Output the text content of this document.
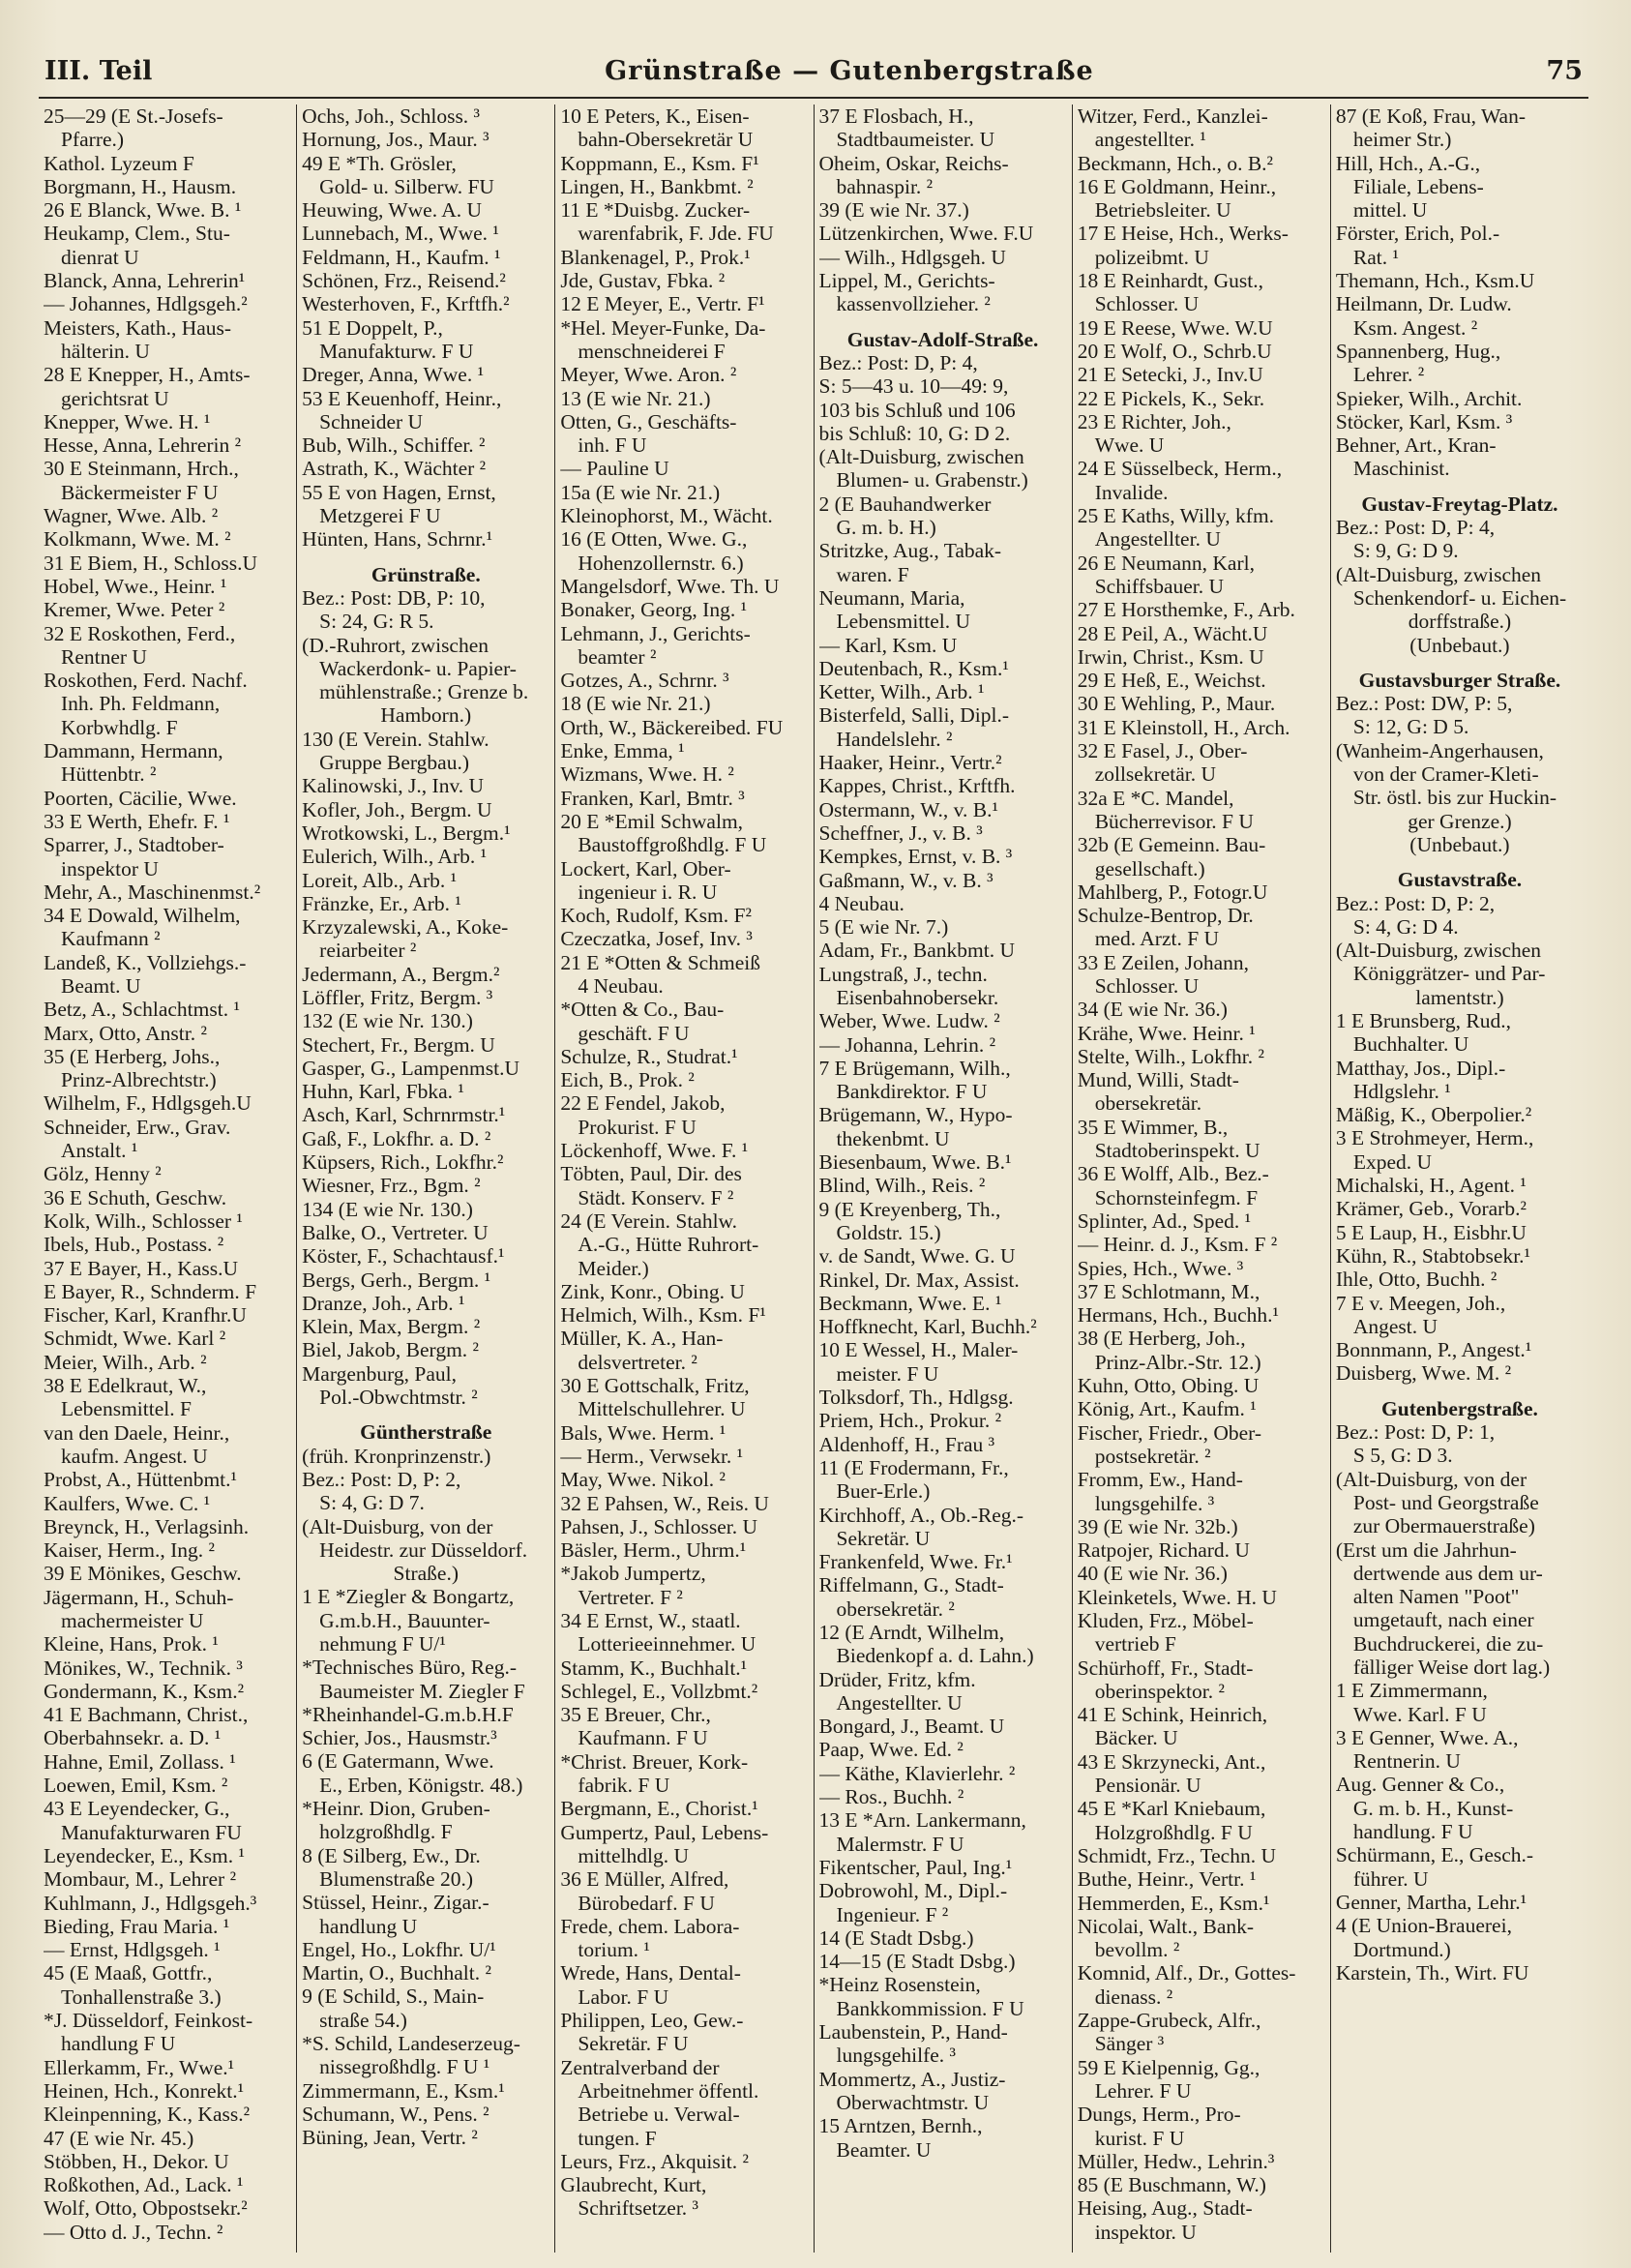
III. Teil	Grünstraße — Gutenbergstraße	75
25—29 (E St.-Josefs-
Pfarre.)
Kathol. Lyzeum F
Borgmann, H., Hausm.
26 E Blanck, Wwe. B. ¹
Heukamp, Clem., Stu-
dienrat U
Blanck, Anna, Lehrerin¹
— Johannes, Hdlgsgeh.²
Meisters, Kath., Haus-
hälterin. U
28 E Knepper, H., Amts-
gerichtsrat U
Knepper, Wwe. H. ¹
Hesse, Anna, Lehrerin ²
30 E Steinmann, Hrch.,
Bäckermeister F U
Wagner, Wwe. Alb. ²
Kolkmann, Wwe. M. ²
31 E Biem, H., Schloss.U
Hobel, Wwe., Heinr. ¹
Kremer, Wwe. Peter ²
32 E Roskothen, Ferd.,
Rentner U
Roskothen, Ferd. Nachf.
Inh. Ph. Feldmann,
Korbwhdlg. F
Dammann, Hermann,
Hüttenbtr. ²
Poorten, Cäcilie, Wwe.
33 E Werth, Ehefr. F. ¹
Sparrer, J., Stadtober-
inspektor U
Mehr, A., Maschinenmst.²
34 E Dowald, Wilhelm,
Kaufmann ²
Landeß, K., Vollziehgs.-
Beamt. U
Betz, A., Schlachtmst. ¹
Marx, Otto, Anstr. ²
35 (E Herberg, Johs.,
Prinz-Albrechtstr.)
Wilhelm, F., Hdlgsgeh.U
Schneider, Erw., Grav.
Anstalt. ¹
Gölz, Henny ²
36 E Schuth, Geschw.
Kolk, Wilh., Schlosser ¹
Ibels, Hub., Postass. ²
37 E Bayer, H., Kass.U
E Bayer, R., Schnderm. F
Fischer, Karl, Kranfhr.U
Schmidt, Wwe. Karl ²
Meier, Wilh., Arb. ²
38 E Edelkraut, W.,
Lebensmittel. F
van den Daele, Heinr.,
kaufm. Angest. U
Probst, A., Hüttenbmt.¹
Kaulfers, Wwe. C. ¹
Breynck, H., Verlagsinh.
Kaiser, Herm., Ing. ²
39 E Mönikes, Geschw.
Jägermann, H., Schuh-
machermeister U
Kleine, Hans, Prok. ¹
Mönikes, W., Technik. ³
Gondermann, K., Ksm.²
41 E Bachmann, Christ.,
Oberbahnsekr. a. D. ¹
Hahne, Emil, Zollass. ¹
Loewen, Emil, Ksm. ²
43 E Leyendecker, G.,
Manufakturwaren FU
Leyendecker, E., Ksm. ¹
Mombaur, M., Lehrer ²
Kuhlmann, J., Hdlgsgeh.³
Bieding, Frau Maria. ¹
— Ernst, Hdlgsgeh. ¹
45 (E Maaß, Gottfr.,
Tonhallenstraße 3.)
*J. Düsseldorf, Feinkost-
handlung F U
Ellerkamm, Fr., Wwe.¹
Heinen, Hch., Konrekt.¹
Kleinpenning, K., Kass.²
47 (E wie Nr. 45.)
Stöbben, H., Dekor. U
Roßkothen, Ad., Lack. ¹
Wolf, Otto, Obpostsekr.²
— Otto d. J., Techn. ²
Ochs, Joh., Schloss. ³
Hornung, Jos., Maur. ³
49 E *Th. Grösler,
Gold- u. Silberw. FU
Heuwing, Wwe. A. U
Lunnebach, M., Wwe. ¹
Feldmann, H., Kaufm. ¹
Schönen, Frz., Reisend.²
Westerhoven, F., Krftfh.²
51 E Doppelt, P.,
Manufakturw. F U
Dreger, Anna, Wwe. ¹
53 E Keuenhoff, Heinr.,
Schneider U
Bub, Wilh., Schiffer. ²
Astrath, K., Wächter ²
55 E von Hagen, Ernst,
Metzgerei F U
Hünten, Hans, Schrnr.¹
Grünstraße.
Bez.: Post: DB, P: 10,
S: 24, G: R 5.
(D.-Ruhrort, zwischen
Wackerdonk- u. Papier-
mühlenstraße.; Grenze b.
Hamborn.)
130 (E Verein. Stahlw.
Gruppe Bergbau.)
Kalinowski, J., Inv. U
Kofler, Joh., Bergm. U
Wrotkowski, L., Bergm.¹
Eulerich, Wilh., Arb. ¹
Loreit, Alb., Arb. ¹
Fränzke, Er., Arb. ¹
Krzyzalewski, A., Koke-
reiarbeiter ²
Jedermann, A., Bergm.²
Löffler, Fritz, Bergm. ³
132 (E wie Nr. 130.)
Stechert, Fr., Bergm. U
Gasper, G., Lampenmst.U
Huhn, Karl, Fbka. ¹
Asch, Karl, Schrnrmstr.¹
Gaß, F., Lokfhr. a. D. ²
Küpsers, Rich., Lokfhr.²
Wiesner, Frz., Bgm. ²
134 (E wie Nr. 130.)
Balke, O., Vertreter. U
Köster, F., Schachtausf.¹
Bergs, Gerh., Bergm. ¹
Dranze, Joh., Arb. ¹
Klein, Max, Bergm. ²
Biel, Jakob, Bergm. ²
Margenburg, Paul,
Pol.-Obwchtmstr. ²
Güntherstraße
(früh. Kronprinzenstr.)
Bez.: Post: D, P: 2,
S: 4, G: D 7.
(Alt-Duisburg, von der
Heidestr. zur Düsseldorf.
Straße.)
1 E *Ziegler & Bongartz,
G.m.b.H., Bauunter-
nehmung F U/¹
*Technisches Büro, Reg.-
Baumeister M. Ziegler F
*Rheinhandel-G.m.b.H.F
Schier, Jos., Hausmstr.³
6 (E Gatermann, Wwe.
E., Erben, Königstr. 48.)
*Heinr. Dion, Gruben-
holzgroßhdlg. F
8 (E Silberg, Ew., Dr.
Blumenstraße 20.)
Stüssel, Heinr., Zigar.-
handlung U
Engel, Ho., Lokfhr. U/¹
Martin, O., Buchhalt. ²
9 (E Schild, S., Main-
straße 54.)
*S. Schild, Landeserzeug-
nissegroßhdlg. F U ¹
Zimmermann, E., Ksm.¹
Schumann, W., Pens. ²
Büning, Jean, Vertr. ²
10 E Peters, K., Eisen-
bahn-Obersekretär U
Koppmann, E., Ksm. F¹
Lingen, H., Bankbmt. ²
11 E *Duisbg. Zucker-
warenfabrik, F. Jde. FU
Blankenagel, P., Prok.¹
Jde, Gustav, Fbka. ²
12 E Meyer, E., Vertr. F¹
*Hel. Meyer-Funke, Da-
menschneiderei F
Meyer, Wwe. Aron. ²
13 (E wie Nr. 21.)
Otten, G., Geschäfts-
inh. F U
— Pauline U
15a (E wie Nr. 21.)
Kleinophorst, M., Wächt.
16 (E Otten, Wwe. G.,
Hohenzollernstr. 6.)
Mangelsdorf, Wwe. Th. U
Bonaker, Georg, Ing. ¹
Lehmann, J., Gerichts-
beamter ²
Gotzes, A., Schrnr. ³
18 (E wie Nr. 21.)
Orth, W., Bäckereibed. FU
Enke, Emma, ¹
Wizmans, Wwe. H. ²
Franken, Karl, Bmtr. ³
20 E *Emil Schwalm,
Baustoffgroßhdlg. F U
Lockert, Karl, Ober-
ingenieur i. R. U
Koch, Rudolf, Ksm. F²
Czeczatka, Josef, Inv. ³
21 E *Otten & Schmeiß
4 Neubau.
*Otten & Co., Bau-
geschäft. F U
Schulze, R., Studrat.¹
Eich, B., Prok. ²
22 E Fendel, Jakob,
Prokurist. F U
Löckenhoff, Wwe. F. ¹
Töbten, Paul, Dir. des
Städt. Konserv. F ²
24 (E Verein. Stahlw.
A.-G., Hütte Ruhrort-
Meider.)
Zink, Konr., Obing. U
Helmich, Wilh., Ksm. F¹
Müller, K. A., Han-
delsvertreter. ²
30 E Gottschalk, Fritz,
Mittelschullehrer. U
Bals, Wwe. Herm. ¹
— Herm., Verwsekr. ¹
May, Wwe. Nikol. ²
32 E Pahsen, W., Reis. U
Pahsen, J., Schlosser. U
Bäsler, Herm., Uhrm.¹
*Jakob Jumpertz,
Vertreter. F ²
34 E Ernst, W., staatl.
Lotterieeinnehmer. U
Stamm, K., Buchhalt.¹
Schlegel, E., Vollzbmt.²
35 E Breuer, Chr.,
Kaufmann. F U
*Christ. Breuer, Kork-
fabrik. F U
Bergmann, E., Chorist.¹
Gumpertz, Paul, Lebens-
mittelhdlg. U
36 E Müller, Alfred,
Bürobedarf. F U
Frede, chem. Labora-
torium. ¹
Wrede, Hans, Dental-
Labor. F U
Philippen, Leo, Gew.-
Sekretär. F U
Zentralverband der
Arbeitnehmer öffentl.
Betriebe u. Verwal-
tungen. F
Leurs, Frz., Akquisit. ²
Glaubrecht, Kurt,
Schriftsetzer. ³
37 E Flosbach, H.,
Stadtbaumeister. U
Oheim, Oskar, Reichs-
bahnaspir. ²
39 (E wie Nr. 37.)
Lützenkirchen, Wwe. F.U
— Wilh., Hdlgsgeh. U
Lippel, M., Gerichts-
kassenvollzieher. ²
Gustav-Adolf-Straße.
Bez.: Post: D, P: 4,
S: 5—43 u. 10—49: 9,
103 bis Schluß und 106
bis Schluß: 10, G: D 2.
(Alt-Duisburg, zwischen
Blumen- u. Grabenstr.)
2 (E Bauhandwerker
G. m. b. H.)
Stritzke, Aug., Tabak-
waren. F
Neumann, Maria,
Lebensmittel. U
— Karl, Ksm. U
Deutenbach, R., Ksm.¹
Ketter, Wilh., Arb. ¹
Bisterfeld, Salli, Dipl.-
Handelslehr. ²
Haaker, Heinr., Vertr.²
Kappes, Christ., Krftfh.
Ostermann, W., v. B.¹
Scheffner, J., v. B. ³
Kempkes, Ernst, v. B. ³
Gaßmann, W., v. B. ³
4 Neubau.
5 (E wie Nr. 7.)
Adam, Fr., Bankbmt. U
Lungstraß, J., techn.
Eisenbahnobersekr.
Weber, Wwe. Ludw. ²
— Johanna, Lehrin. ²
7 E Brügemann, Wilh.,
Bankdirektor. F U
Brügemann, W., Hypo-
thekenbmt. U
Biesenbaum, Wwe. B.¹
Blind, Wilh., Reis. ²
9 (E Kreyenberg, Th.,
Goldstr. 15.)
v. de Sandt, Wwe. G. U
Rinkel, Dr. Max, Assist.
Beckmann, Wwe. E. ¹
Hoffknecht, Karl, Buchh.²
10 E Wessel, H., Maler-
meister. F U
Tolksdorf, Th., Hdlgsg.
Priem, Hch., Prokur. ²
Aldenhoff, H., Frau ³
11 (E Frodermann, Fr.,
Buer-Erle.)
Kirchhoff, A., Ob.-Reg.-
Sekretär. U
Frankenfeld, Wwe. Fr.¹
Riffelmann, G., Stadt-
obersekretär. ²
12 (E Arndt, Wilhelm,
Biedenkopf a. d. Lahn.)
Drüder, Fritz, kfm.
Angestellter. U
Bongard, J., Beamt. U
Paap, Wwe. Ed. ²
— Käthe, Klavierlehr. ²
— Ros., Buchh. ²
13 E *Arn. Lankermann,
Malermstr. F U
Fikentscher, Paul, Ing.¹
Dobrowohl, M., Dipl.-
Ingenieur. F ²
14 (E Stadt Dsbg.)
14—15 (E Stadt Dsbg.)
*Heinz Rosenstein,
Bankkommission. F U
Laubenstein, P., Hand-
lungsgehilfe. ³
Mommertz, A., Justiz-
Oberwachtmstr. U
15 Arntzen, Bernh.,
Beamter. U
Witzer, Ferd., Kanzlei-
angestellter. ¹
Beckmann, Hch., o. B.²
16 E Goldmann, Heinr.,
Betriebsleiter. U
17 E Heise, Hch., Werks-
polizeibmt. U
18 E Reinhardt, Gust.,
Schlosser. U
19 E Reese, Wwe. W.U
20 E Wolf, O., Schrb.U
21 E Setecki, J., Inv.U
22 E Pickels, K., Sekr.
23 E Richter, Joh.,
Wwe. U
24 E Süsselbeck, Herm.,
Invalide.
25 E Kaths, Willy, kfm.
Angestellter. U
26 E Neumann, Karl,
Schiffsbauer. U
27 E Horsthemke, F., Arb.
28 E Peil, A., Wächt.U
Irwin, Christ., Ksm. U
29 E Heß, E., Weichst.
30 E Wehling, P., Maur.
31 E Kleinstoll, H., Arch.
32 E Fasel, J., Ober-
zollsekretär. U
32a E *C. Mandel,
Bücherrevisor. F U
32b (E Gemeinn. Bau-
gesellschaft.)
Mahlberg, P., Fotogr.U
Schulze-Bentrop, Dr.
med. Arzt. F U
33 E Zeilen, Johann,
Schlosser. U
34 (E wie Nr. 36.)
Krähe, Wwe. Heinr. ¹
Stelte, Wilh., Lokfhr. ²
Mund, Willi, Stadt-
obersekretär.
35 E Wimmer, B.,
Stadtoberinspekt. U
36 E Wolff, Alb., Bez.-
Schornsteinfegm. F
Splinter, Ad., Sped. ¹
— Heinr. d. J., Ksm. F ²
Spies, Hch., Wwe. ³
37 E Schlotmann, M.,
Hermans, Hch., Buchh.¹
38 (E Herberg, Joh.,
Prinz-Albr.-Str. 12.)
Kuhn, Otto, Obing. U
König, Art., Kaufm. ¹
Fischer, Friedr., Ober-
postsekretär. ²
Fromm, Ew., Hand-
lungsgehilfe. ³
39 (E wie Nr. 32b.)
Ratpojer, Richard. U
40 (E wie Nr. 36.)
Kleinketels, Wwe. H. U
Kluden, Frz., Möbel-
vertrieb F
Schürhoff, Fr., Stadt-
oberinspektor. ²
41 E Schink, Heinrich,
Bäcker. U
43 E Skrzynecki, Ant.,
Pensionär. U
45 E *Karl Kniebaum,
Holzgroßhdlg. F U
Schmidt, Frz., Techn. U
Buthe, Heinr., Vertr. ¹
Hemmerden, E., Ksm.¹
Nicolai, Walt., Bank-
bevollm. ²
Komnid, Alf., Dr., Gottes-
dienass. ²
Zappe-Grubeck, Alfr.,
Sänger ³
59 E Kielpennig, Gg.,
Lehrer. F U
Dungs, Herm., Pro-
kurist. F U
Müller, Hedw., Lehrin.³
85 (E Buschmann, W.)
Heising, Aug., Stadt-
inspektor. U
87 (E Koß, Frau, Wan-
heimer Str.)
Hill, Hch., A.-G.,
Filiale, Lebens-
mittel. U
Förster, Erich, Pol.-
Rat. ¹
Themann, Hch., Ksm.U
Heilmann, Dr. Ludw.
Ksm. Angest. ²
Spannenberg, Hug.,
Lehrer. ²
Spieker, Wilh., Archit.
Stöcker, Karl, Ksm. ³
Behner, Art., Kran-
Maschinist.
Gustav-Freytag-Platz.
Bez.: Post: D, P: 4,
S: 9, G: D 9.
(Alt-Duisburg, zwischen
Schenkendorf- u. Eichen-
dorffstraße.)
(Unbebaut.)
Gustavsburger Straße.
Bez.: Post: DW, P: 5,
S: 12, G: D 5.
(Wanheim-Angerhausen,
von der Cramer-Kleti-
Str. östl. bis zur Huckin-
ger Grenze.)
(Unbebaut.)
Gustavstraße.
Bez.: Post: D, P: 2,
S: 4, G: D 4.
(Alt-Duisburg, zwischen
Königgrätzer- und Par-
lamentstr.)
1 E Brunsberg, Rud.,
Buchhalter. U
Matthay, Jos., Dipl.-
Hdlgslehr. ¹
Mäßig, K., Oberpolier.²
3 E Strohmeyer, Herm.,
Exped. U
Michalski, H., Agent. ¹
Krämer, Geb., Vorarb.²
5 E Laup, H., Eisbhr.U
Kühn, R., Stabtobsekr.¹
Ihle, Otto, Buchh. ²
7 E v. Meegen, Joh.,
Angest. U
Bonnmann, P., Angest.¹
Duisberg, Wwe. M. ²
Gutenbergstraße.
Bez.: Post: D, P: 1,
S 5, G: D 3.
(Alt-Duisburg, von der
Post- und Georgstraße
zur Obermauerstraße)
(Erst um die Jahrhun-
dertwende aus dem ur-
alten Namen "Poot"
umgetauft, nach einer
Buchdruckerei, die zu-
fälliger Weise dort lag.)
1 E Zimmermann,
Wwe. Karl. F U
3 E Genner, Wwe. A.,
Rentnerin. U
Aug. Genner & Co.,
G. m. b. H., Kunst-
handlung. F U
Schürmann, E., Gesch.-
führer. U
Genner, Martha, Lehr.¹
4 (E Union-Brauerei,
Dortmund.)
Karstein, Th., Wirt. FU
